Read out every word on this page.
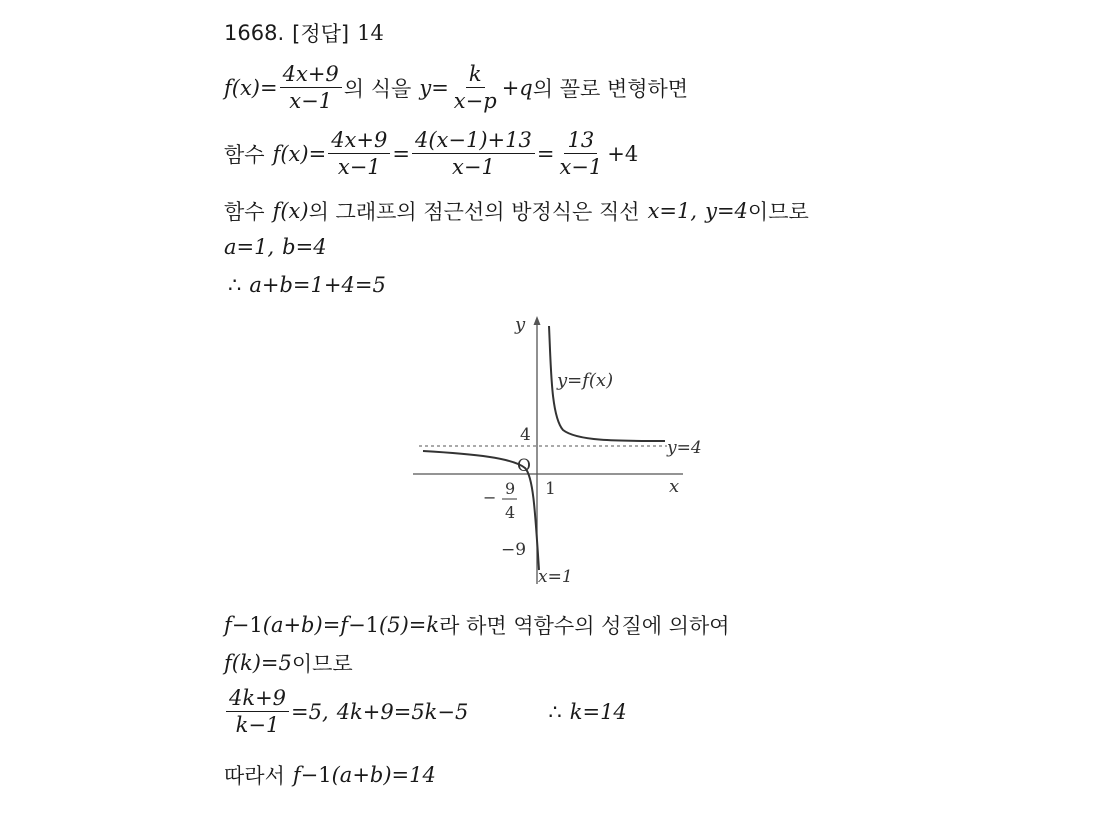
1668. [정답] 14
$f(x)= \frac{4x+9}{x-1}$ 의 식을 $y= \frac{k}{x-p} +q$ 의 꼴로 변형하면
함수 $f(x)= \frac{4x+9}{x-1} = \frac{4(x-1)+13}{x-1} = \frac{13}{x-1} +4$
함수 f(x) 의 그래프의 점근선의 방정식은 직선 x=1, y=4 이므로
a=1, b=4
∴ a+b=1+4=5
y
x
O
4
1
−9
− 9
4
y=f(x)
y=4
x=1
f −1 (a+b)= f −1 (5)=k 라 하면 역함수의 성질에 의하여
f(k)=5 이므로
$\frac{4k+9}{k-1} =5$, 4k+9=5k−5	∴ k=14
따라서 f −1 (a+b)=14
